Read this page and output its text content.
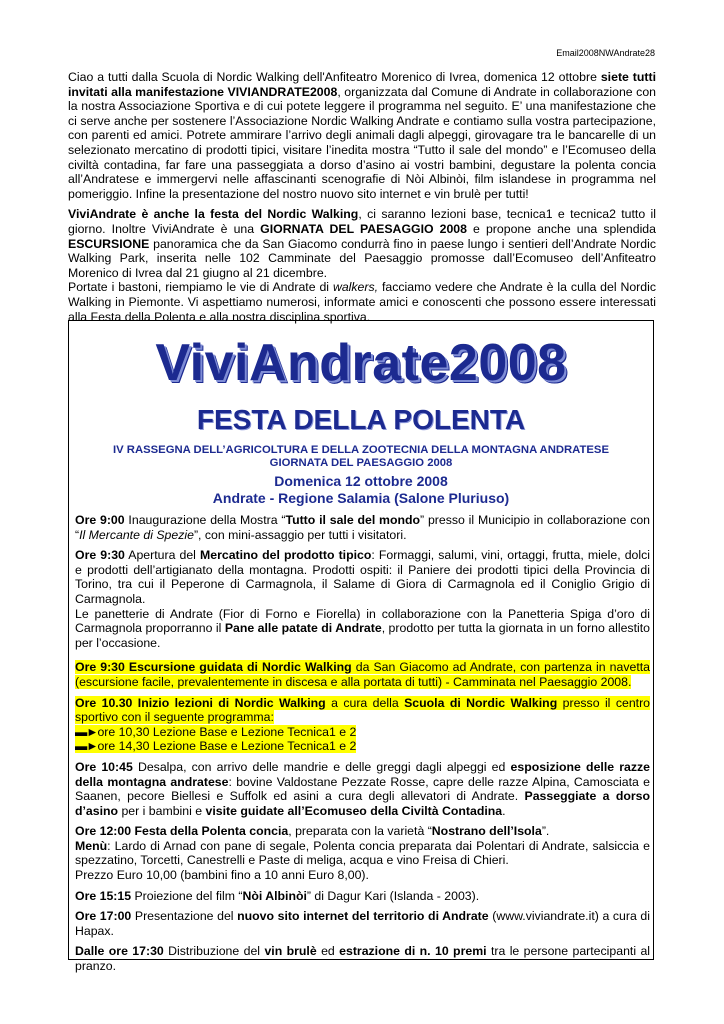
Email2008NWAndrate28

Ciao a tutti dalla Scuola di Nordic Walking dell'Anfiteatro Morenico di Ivrea, domenica 12 ottobre siete tutti invitati alla manifestazione VIVIANDRATE2008, organizzata dal Comune di Andrate in collaborazione con la nostra Associazione Sportiva e di cui potete leggere il programma nel seguito. E’ una manifestazione che ci serve anche per sostenere l’Associazione Nordic Walking Andrate e contiamo sulla vostra partecipazione, con parenti ed amici. Potrete ammirare l’arrivo degli animali dagli alpeggi, girovagare tra le bancarelle di un selezionato mercatino di prodotti tipici, visitare l’inedita mostra “Tutto il sale del mondo” e l’Ecomuseo della civiltà contadina, far fare una passeggiata a dorso d’asino ai vostri bambini, degustare la polenta concia all’Andratese e immergervi nelle affascinanti scenografie di Nòi Albinòi, film islandese in programma nel pomeriggio. Infine la presentazione del nostro nuovo sito internet e vin brulè per tutti!

ViviAndrate è anche la festa del Nordic Walking, ci saranno lezioni base, tecnica1 e tecnica2 tutto il giorno. Inoltre ViviAndrate è una GIORNATA DEL PAESAGGIO 2008 e propone anche una splendida ESCURSIONE panoramica che da San Giacomo condurrà fino in paese lungo i sentieri dell’Andrate Nordic Walking Park, inserita nelle 102 Camminate del Paesaggio promosse dall’Ecomuseo dell’Anfiteatro Morenico di Ivrea dal 21 giugno al 21 dicembre.

Portate i bastoni, riempiamo le vie di Andrate di walkers, facciamo vedere che Andrate è la culla del Nordic Walking in Piemonte. Vi aspettiamo numerosi, informate amici e conoscenti che possono essere interessati alla Festa della Polenta e alla nostra disciplina sportiva.

ViviAndrate2008
FESTA DELLA POLENTA
IV RASSEGNA DELL’AGRICOLTURA E DELLA ZOOTECNIA DELLA MONTAGNA ANDRATESE
GIORNATA DEL PAESAGGIO 2008
Domenica 12 ottobre 2008
Andrate - Regione Salamia (Salone Pluriuso)

Ore 9:00 Inaugurazione della Mostra “Tutto il sale del mondo” presso il Municipio in collaborazione con “Il Mercante di Spezie”, con mini-assaggio per tutti i visitatori.

Ore 9:30 Apertura del Mercatino del prodotto tipico: Formaggi, salumi, vini, ortaggi, frutta, miele, dolci e prodotti dell’artigianato della montagna. Prodotti ospiti: il Paniere dei prodotti tipici della Provincia di Torino, tra cui il Peperone di Carmagnola, il Salame di Giora di Carmagnola ed il Coniglio Grigio di Carmagnola.
Le panetterie di Andrate (Fior di Forno e Fiorella) in collaborazione con la Panetteria Spiga d’oro di Carmagnola proporranno il Pane alle patate di Andrate, prodotto per tutta la giornata in un forno allestito per l’occasione.

Ore 9:30 Escursione guidata di Nordic Walking da San Giacomo ad Andrate, con partenza in navetta (escursione facile, prevalentemente in discesa e alla portata di tutti) - Camminata nel Paesaggio 2008.

Ore 10.30 Inizio lezioni di Nordic Walking a cura della Scuola di Nordic Walking presso il centro sportivo con il seguente programma:
▬►ore 10,30 Lezione Base e Lezione Tecnica1 e 2
▬►ore 14,30 Lezione Base e Lezione Tecnica1 e 2

Ore 10:45 Desalpa, con arrivo delle mandrie e delle greggi dagli alpeggi ed esposizione delle razze della montagna andratese: bovine Valdostane Pezzate Rosse, capre delle razze Alpina, Camosciata e Saanen, pecore Biellesi e Suffolk ed asini a cura degli allevatori di Andrate. Passeggiate a dorso d’asino per i bambini e visite guidate all’Ecomuseo della Civiltà Contadina.

Ore 12:00 Festa della Polenta concia, preparata con la varietà “Nostrano dell’Isola”.
Menù: Lardo di Arnad con pane di segale, Polenta concia preparata dai Polentari di Andrate, salsiccia e spezzatino, Torcetti, Canestrelli e Paste di meliga, acqua e vino Freisa di Chieri.
Prezzo Euro 10,00 (bambini fino a 10 anni Euro 8,00).

Ore 15:15 Proiezione del film “Nòi Albinòi” di Dagur Kari (Islanda - 2003).

Ore 17:00 Presentazione del nuovo sito internet del territorio di Andrate (www.viviandrate.it) a cura di Hapax.

Dalle ore 17:30 Distribuzione del vin brulè ed estrazione di n. 10 premi tra le persone partecipanti al pranzo.
